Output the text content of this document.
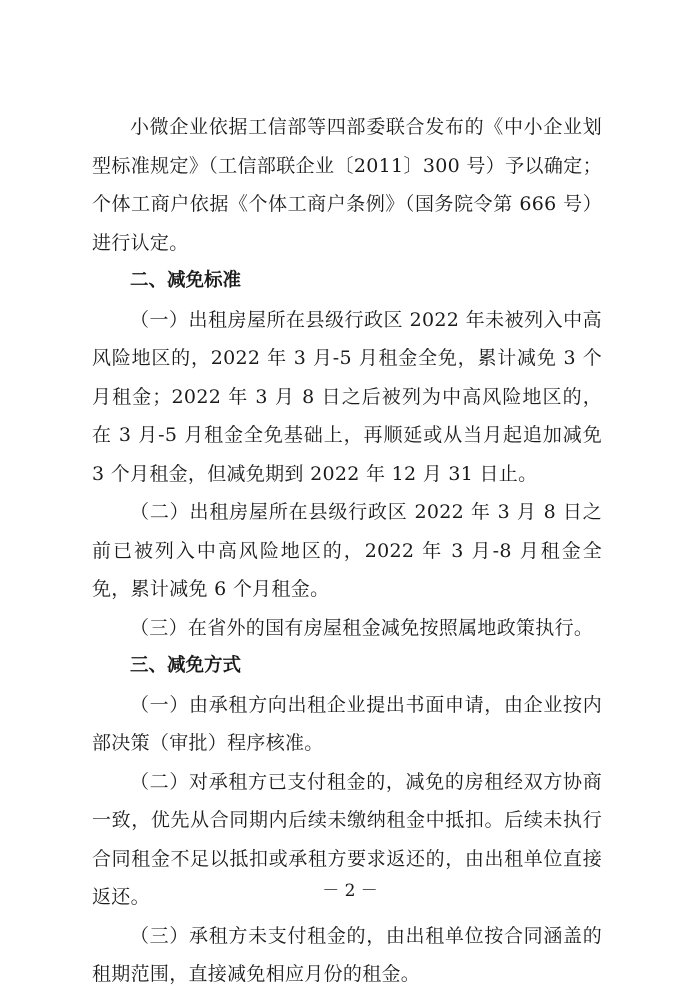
小微企业依据工信部等四部委联合发布的《中小企业划型标准规定》（工信部联企业〔2011〕300 号）予以确定；个体工商户依据《个体工商户条例》（国务院令第 666 号）进行认定。

二、减免标准

（一）出租房屋所在县级行政区 2022 年未被列入中高风险地区的，2022 年 3 月-5 月租金全免，累计减免 3 个月租金；2022 年 3 月 8 日之后被列为中高风险地区的，在 3 月-5 月租金全免基础上，再顺延或从当月起追加减免 3 个月租金，但减免期到 2022 年 12 月 31 日止。

（二）出租房屋所在县级行政区 2022 年 3 月 8 日之前已被列入中高风险地区的，2022 年 3 月-8 月租金全免，累计减免 6 个月租金。

（三）在省外的国有房屋租金减免按照属地政策执行。

三、减免方式

（一）由承租方向出租企业提出书面申请，由企业按内部决策（审批）程序核准。

（二）对承租方已支付租金的，减免的房租经双方协商一致，优先从合同期内后续未缴纳租金中抵扣。后续未执行合同租金不足以抵扣或承租方要求返还的，由出租单位直接返还。

（三）承租方未支付租金的，由出租单位按合同涵盖的租期范围，直接减免相应月份的租金。

－ 2 －
